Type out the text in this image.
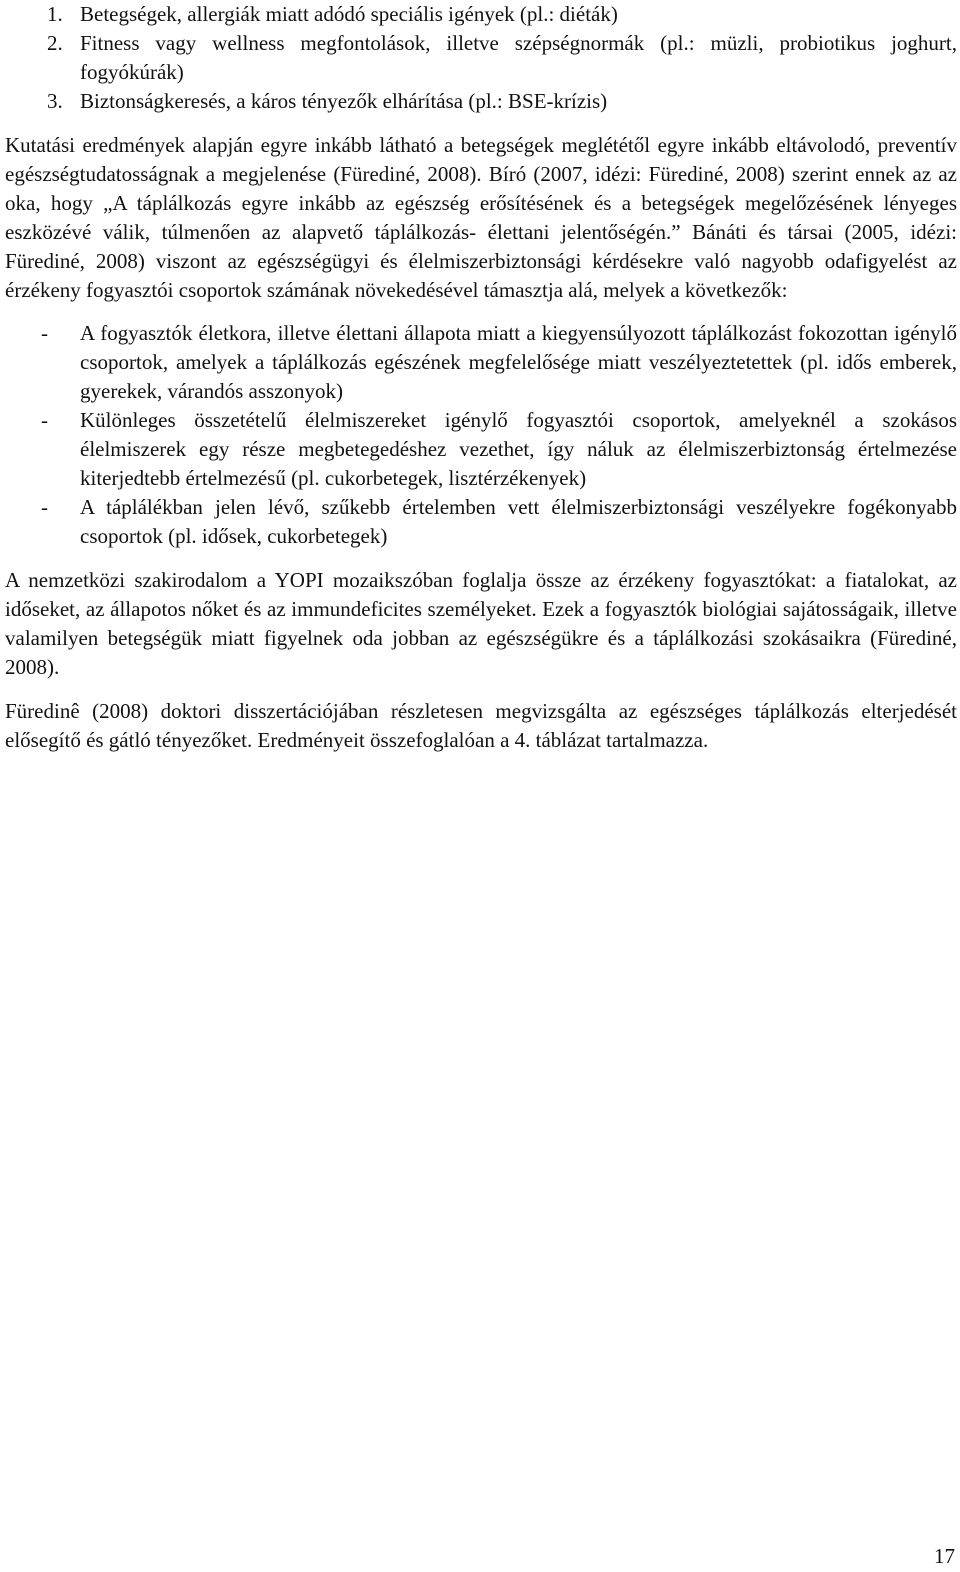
1. Betegségek, allergiák miatt adódó speciális igények (pl.: diéták)
2. Fitness vagy wellness megfontolások, illetve szépségnormák (pl.: müzli, probiotikus joghurt, fogyókúrák)
3. Biztonságkeresés, a káros tényezők elhárítása (pl.: BSE-krízis)

Kutatási eredmények alapján egyre inkább látható a betegségek meglététől egyre inkább eltávolodó, preventív egészségtudatosságnak a megjelenése (Fürediné, 2008). Bíró (2007, idézi: Fürediné, 2008) szerint ennek az az oka, hogy „A táplálkozás egyre inkább az egészség erősítésének és a betegségek megelőzésének lényeges eszközévé válik, túlmenően az alapvető táplálkozás- élettani jelentőségén.” Bánáti és társai (2005, idézi: Fürediné, 2008) viszont az egészségügyi és élelmiszerbiztonsági kérdésekre való nagyobb odafigyelést az érzékeny fogyasztói csoportok számának növekedésével támasztja alá, melyek a következők:

- A fogyasztók életkora, illetve élettani állapota miatt a kiegyensúlyozott táplálkozást fokozottan igénylő csoportok, amelyek a táplálkozás egészének megfelelősége miatt veszélyeztetettek (pl. idős emberek, gyerekek, várandós asszonyok)
- Különleges összetételű élelmiszereket igénylő fogyasztói csoportok, amelyeknél a szokásos élelmiszerek egy része megbetegedéshez vezethet, így náluk az élelmiszerbiztonság értelmezése kiterjedtebb értelmezésű (pl. cukorbetegek, lisztérzékenyek)
- A táplálékban jelen lévő, szűkebb értelemben vett élelmiszerbiztonsági veszélyekre fogékonyabb csoportok (pl. idősek, cukorbetegek)

A nemzetközi szakirodalom a YOPI mozaikszóban foglalja össze az érzékeny fogyasztókat: a fiatalokat, az időseket, az állapotos nőket és az immundeficites személyeket. Ezek a fogyasztók biológiai sajátosságaik, illetve valamilyen betegségük miatt figyelnek oda jobban az egészségükre és a táplálkozási szokásaikra (Fürediné, 2008).

Füredinê (2008) doktori disszertációjában részletesen megvizsgálta az egészséges táplálkozás elterjedését elősegítő és gátló tényezőket. Eredményeit összefoglalóan a 4. táblázat tartalmazza.

17
